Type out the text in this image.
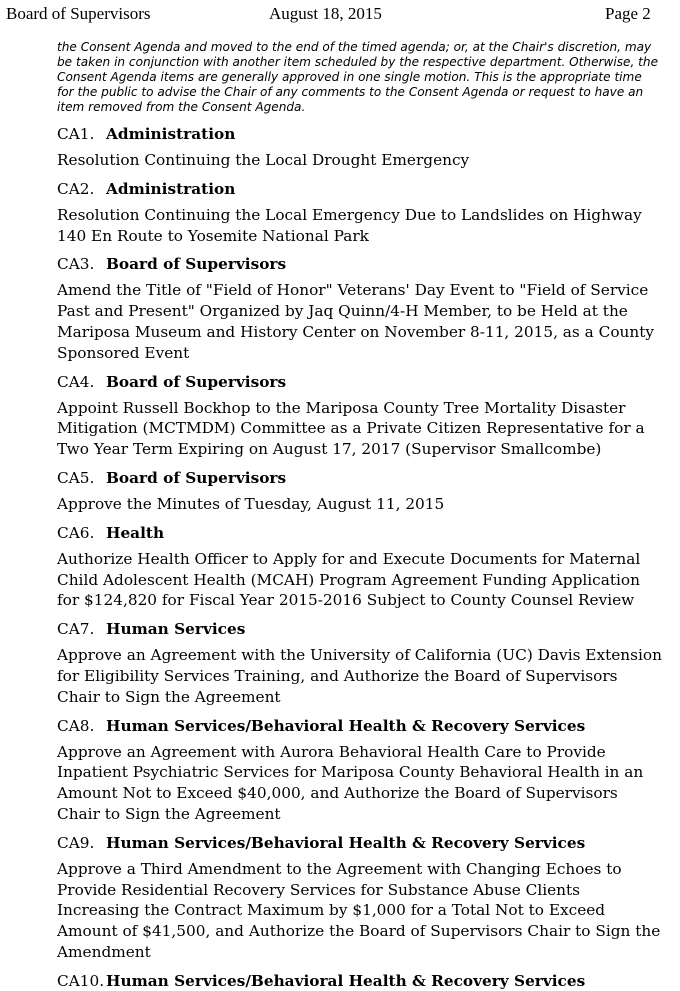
Board of Supervisors	August 18, 2015	Page 2
the Consent Agenda and moved to the end of the timed agenda; or, at the Chair's discretion, may be taken in conjunction with another item scheduled by the respective department. Otherwise, the Consent Agenda items are generally approved in one single motion. This is the appropriate time for the public to advise the Chair of any comments to the Consent Agenda or request to have an item removed from the Consent Agenda.

CA1. Administration

Resolution Continuing the Local Drought Emergency

CA2. Administration

Resolution Continuing the Local Emergency Due to Landslides on Highway 140 En Route to Yosemite National Park

CA3. Board of Supervisors

Amend the Title of "Field of Honor" Veterans' Day Event to "Field of Service Past and Present" Organized by Jaq Quinn/4-H Member, to be Held at the Mariposa Museum and History Center on November 8-11, 2015, as a County Sponsored Event

CA4. Board of Supervisors

Appoint Russell Bockhop to the Mariposa County Tree Mortality Disaster Mitigation (MCTMDM) Committee as a Private Citizen Representative for a Two Year Term Expiring on August 17, 2017 (Supervisor Smallcombe)

CA5. Board of Supervisors

Approve the Minutes of Tuesday, August 11, 2015

CA6. Health

Authorize Health Officer to Apply for and Execute Documents for Maternal Child Adolescent Health (MCAH) Program Agreement Funding Application for $124,820 for Fiscal Year 2015-2016 Subject to County Counsel Review

CA7. Human Services

Approve an Agreement with the University of California (UC) Davis Extension for Eligibility Services Training, and Authorize the Board of Supervisors Chair to Sign the Agreement

CA8. Human Services/Behavioral Health & Recovery Services

Approve an Agreement with Aurora Behavioral Health Care to Provide Inpatient Psychiatric Services for Mariposa County Behavioral Health in an Amount Not to Exceed $40,000, and Authorize the Board of Supervisors Chair to Sign the Agreement

CA9. Human Services/Behavioral Health & Recovery Services

Approve a Third Amendment to the Agreement with Changing Echoes to Provide Residential Recovery Services for Substance Abuse Clients Increasing the Contract Maximum by $1,000 for a Total Not to Exceed Amount of $41,500, and Authorize the Board of Supervisors Chair to Sign the Amendment

CA10. Human Services/Behavioral Health & Recovery Services
